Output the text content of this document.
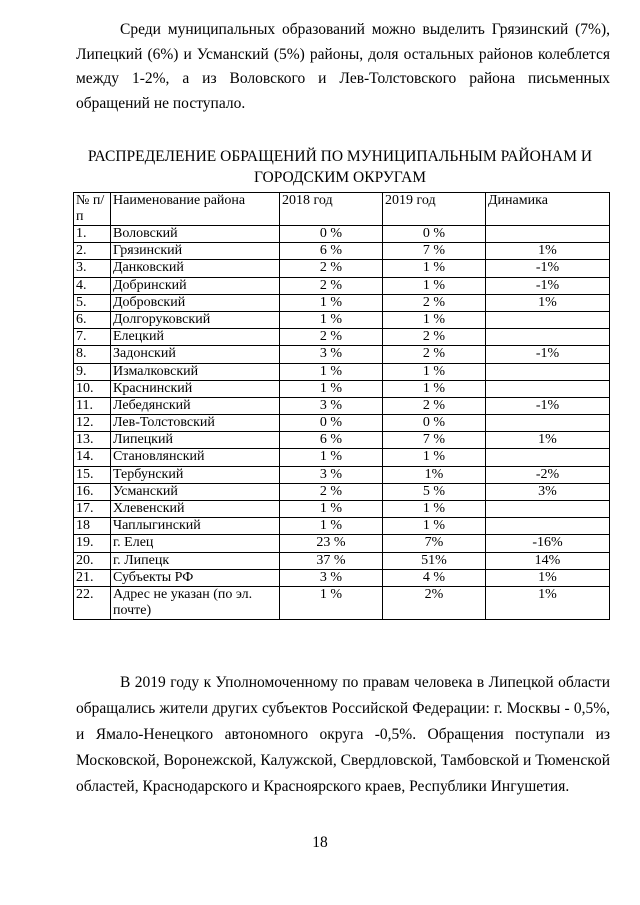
Среди муниципальных образований можно выделить Грязинский (7%), Липецкий (6%) и Усманский (5%) районы, доля остальных районов колеблется между 1-2%, а из Воловского и Лев-Толстовского района письменных обращений не поступало.

РАСПРЕДЕЛЕНИЕ ОБРАЩЕНИЙ ПО МУНИЦИПАЛЬНЫМ РАЙОНАМ И ГОРОДСКИМ ОКРУГАМ

№ п/п	Наименование района	2018 год	2019 год	Динамика
1.	Воловский	0 %	0 %	
2.	Грязинский	6 %	7 %	1%
3.	Данковский	2 %	1 %	-1%
4.	Добринский	2 %	1 %	-1%
5.	Добровский	1 %	2 %	1%
6.	Долгоруковский	1 %	1 %	
7.	Елецкий	2 %	2 %	
8.	Задонский	3 %	2 %	-1%
9.	Измалковский	1 %	1 %	
10.	Краснинский	1 %	1 %	
11.	Лебедянский	3 %	2 %	-1%
12.	Лев-Толстовский	0 %	0 %	
13.	Липецкий	6 %	7 %	1%
14.	Становлянский	1 %	1 %	
15.	Тербунский	3 %	1%	-2%
16.	Усманский	2 %	5 %	3%
17.	Хлевенский	1 %	1 %	
18	Чаплыгинский	1 %	1 %	
19.	г. Елец	23 %	7%	-16%
20.	г. Липецк	37 %	51%	14%
21.	Субъекты РФ	3 %	4 %	1%
22.	Адрес не указан (по эл. почте)	1 %	2%	1%

В 2019 году к Уполномоченному по правам человека в Липецкой области обращались жители других субъектов Российской Федерации: г. Москвы - 0,5%, и Ямало-Ненецкого автономного округа -0,5%. Обращения поступали из Московской, Воронежской, Калужской, Свердловской, Тамбовской и Тюменской областей, Краснодарского и Красноярского краев, Республики Ингушетия.

18
